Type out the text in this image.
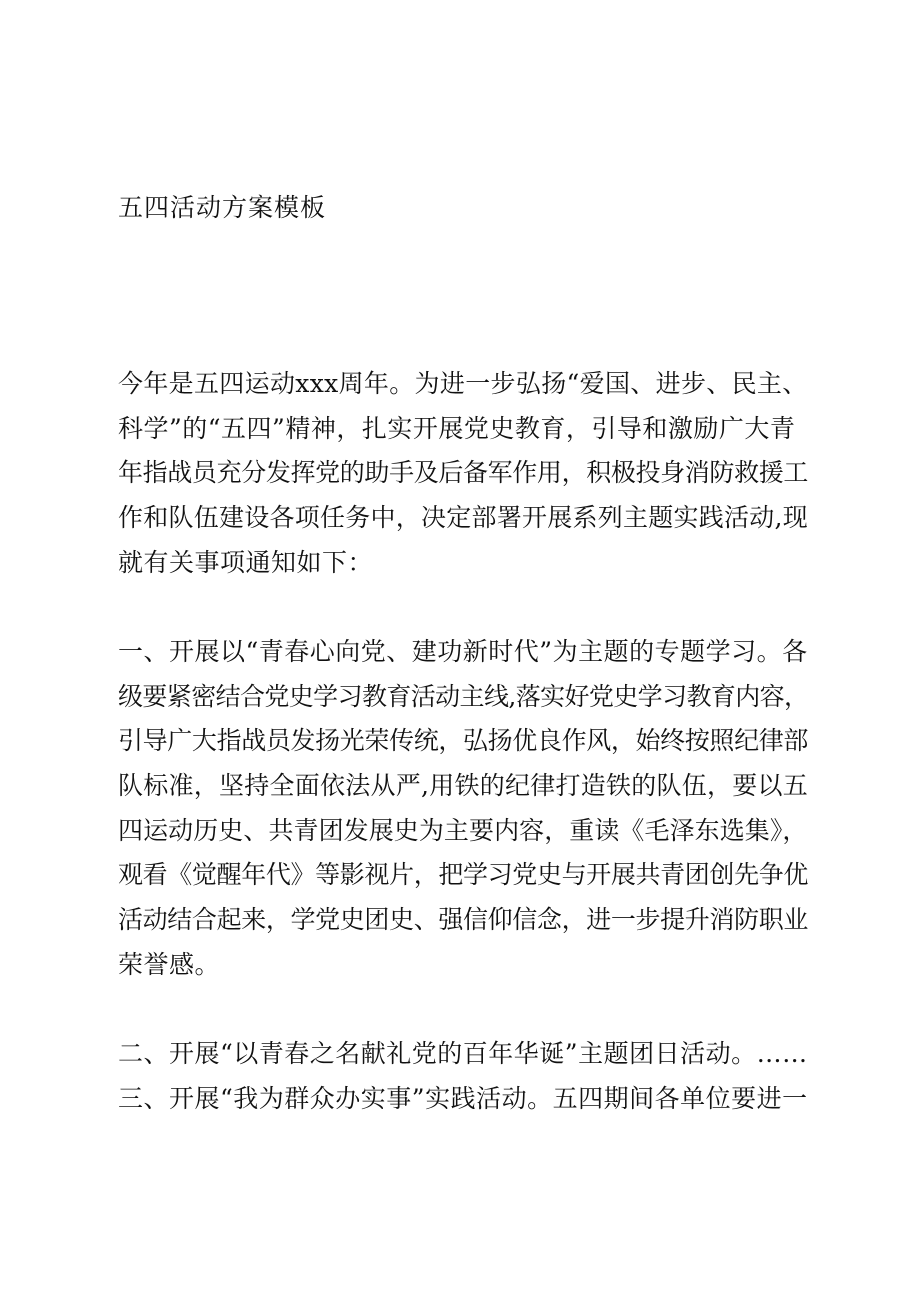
五四活动方案模板
今年是五四运动xxx周年。为进一步弘扬“爱国、进步、民主、
科学”的“五四”精神，扎实开展党史教育，引导和激励广大青
年指战员充分发挥党的助手及后备军作用，积极投身消防救援工
作和队伍建设各项任务中，决定部署开展系列主题实践活动,现
就有关事项通知如下：
一、开展以“青春心向党、建功新时代”为主题的专题学习。各
级要紧密结合党史学习教育活动主线,落实好党史学习教育内容，
引导广大指战员发扬光荣传统，弘扬优良作风，始终按照纪律部
队标准，坚持全面依法从严,用铁的纪律打造铁的队伍，要以五
四运动历史、共青团发展史为主要内容，重读《毛泽东选集》，
观看《觉醒年代》等影视片，把学习党史与开展共青团创先争优
活动结合起来，学党史团史、强信仰信念，进一步提升消防职业
荣誉感。
二、开展“以青春之名献礼党的百年华诞”主题团日活动。……
三、开展“我为群众办实事”实践活动。五四期间各单位要进一
